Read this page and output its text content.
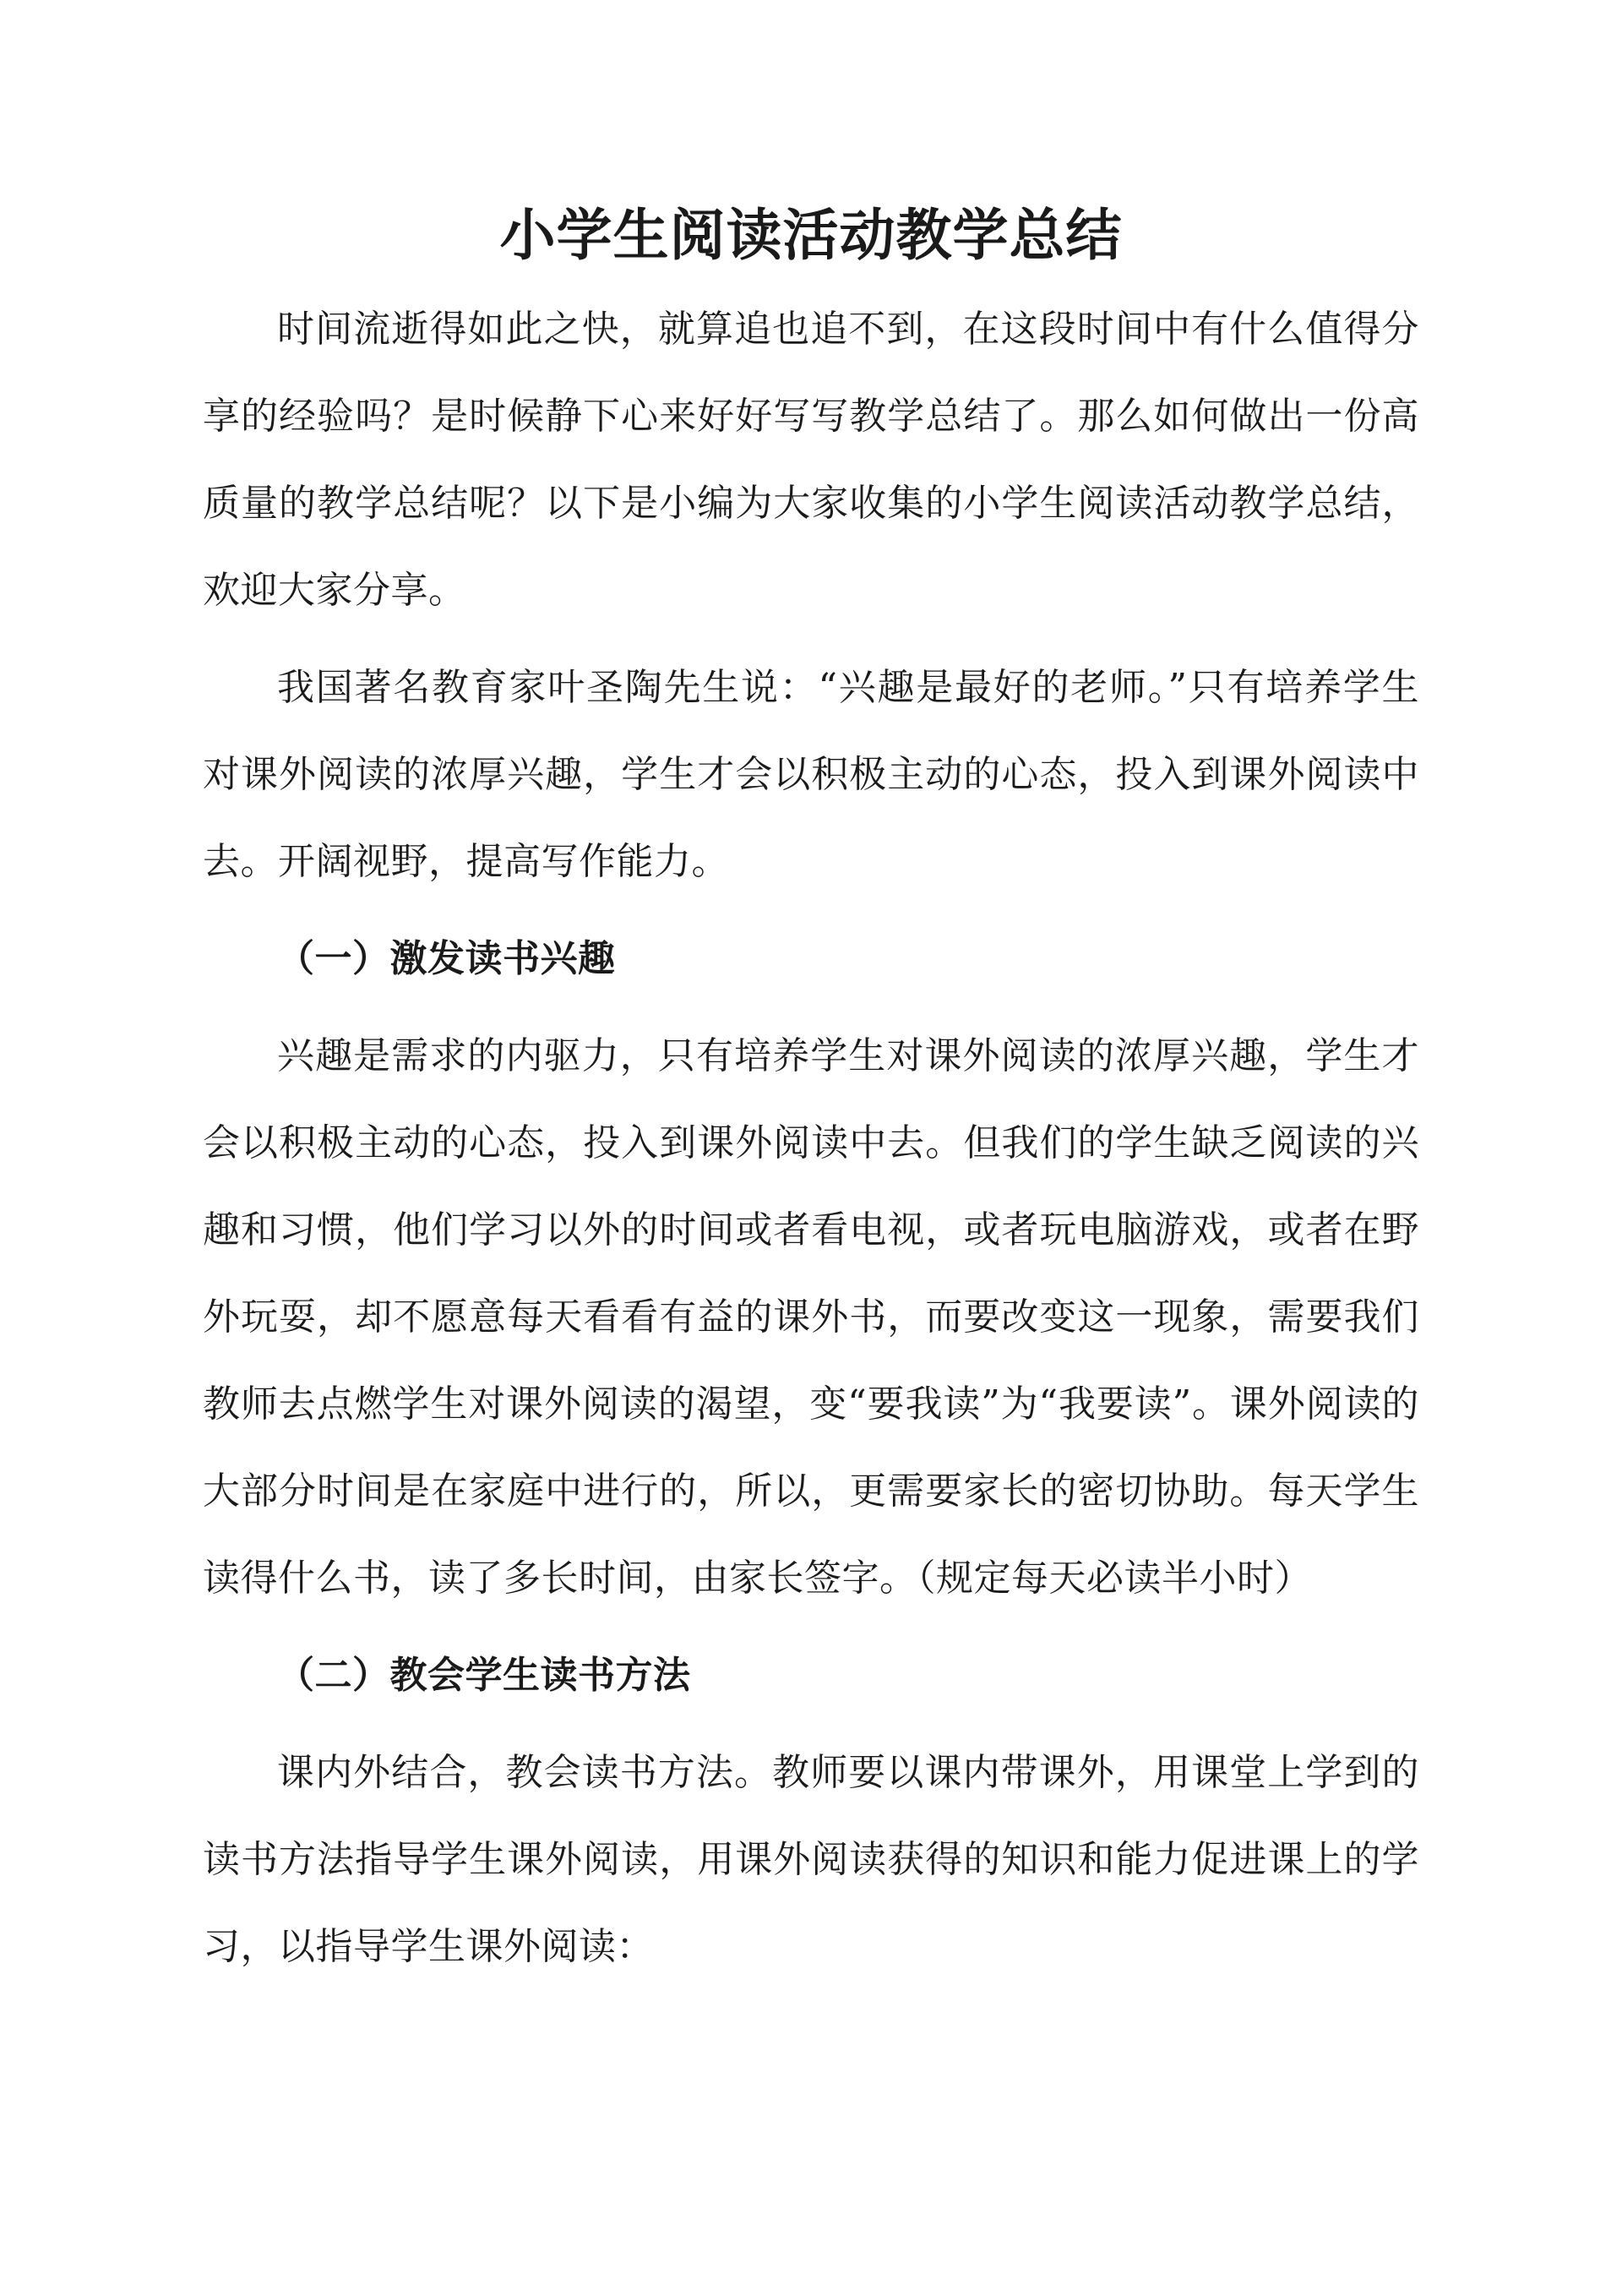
小学生阅读活动教学总结

时间流逝得如此之快，就算追也追不到，在这段时间中有什么值得分享的经验吗？是时候静下心来好好写写教学总结了。那么如何做出一份高质量的教学总结呢？以下是小编为大家收集的小学生阅读活动教学总结，欢迎大家分享。

我国著名教育家叶圣陶先生说：“兴趣是最好的老师。”只有培养学生对课外阅读的浓厚兴趣，学生才会以积极主动的心态，投入到课外阅读中去。开阔视野，提高写作能力。

（一）激发读书兴趣

兴趣是需求的内驱力，只有培养学生对课外阅读的浓厚兴趣，学生才会以积极主动的心态，投入到课外阅读中去。但我们的学生缺乏阅读的兴趣和习惯，他们学习以外的时间或者看电视，或者玩电脑游戏，或者在野外玩耍，却不愿意每天看看有益的课外书，而要改变这一现象，需要我们教师去点燃学生对课外阅读的渴望，变“要我读”为“我要读”。课外阅读的大部分时间是在家庭中进行的，所以，更需要家长的密切协助。每天学生读得什么书，读了多长时间，由家长签字。（规定每天必读半小时）

（二）教会学生读书方法

课内外结合，教会读书方法。教师要以课内带课外，用课堂上学到的读书方法指导学生课外阅读，用课外阅读获得的知识和能力促进课上的学习，以指导学生课外阅读：
